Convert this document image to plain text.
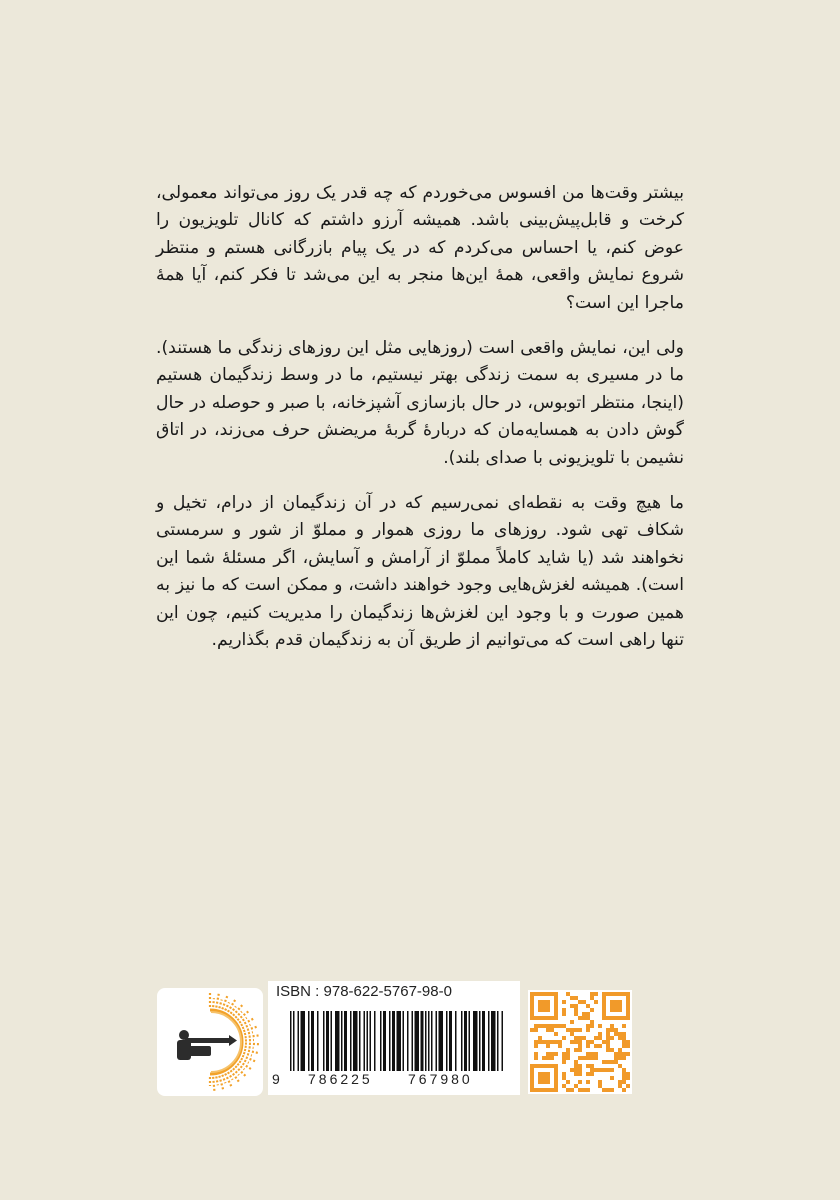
بیشتر وقت‌ها من افسوس می‌خوردم که چه قدر یک روز می‌تواند معمولی، کرخت و قابل‌پیش‌بینی باشد. همیشه آرزو داشتم که کانال تلویزیون را عوض کنم، یا احساس می‌کردم که در یک پیام بازرگانی هستم و منتظر شروع نمایش واقعی، همهٔ این‌ها منجر به این می‌شد تا فکر کنم، آیا همهٔ ماجرا این است؟

ولی این، نمایش واقعی است (روزهایی مثل این روزهای زندگی ما هستند). ما در مسیری به سمت زندگی بهتر نیستیم، ما در وسط زندگیمان هستیم (اینجا، منتظر اتوبوس، در حال بازسازی آشپزخانه، با صبر و حوصله در حال گوش دادن به همسایه‌مان که دربارهٔ گربهٔ مریضش حرف می‌زند، در اتاق نشیمن با تلویزیونی با صدای بلند).

ما هیچ وقت به نقطه‌ای نمی‌رسیم که در آن زندگیمان از درام، تخیل و شکاف تهی شود. روزهای ما روزی هموار و مملوّ از شور و سرمستی نخواهند شد (یا شاید کاملاً مملوّ از آرامش و آسایش، اگر مسئلهٔ شما این است). همیشه لغزش‌هایی وجود خواهند داشت، و ممکن است که ما نیز به همین صورت و با وجود این لغزش‌ها زندگیمان را مدیریت کنیم، چون این تنها راهی است که می‌توانیم از طریق آن به زندگیمان قدم بگذاریم.

ISBN : 978-622-5767-98-0
9 786225	767980
